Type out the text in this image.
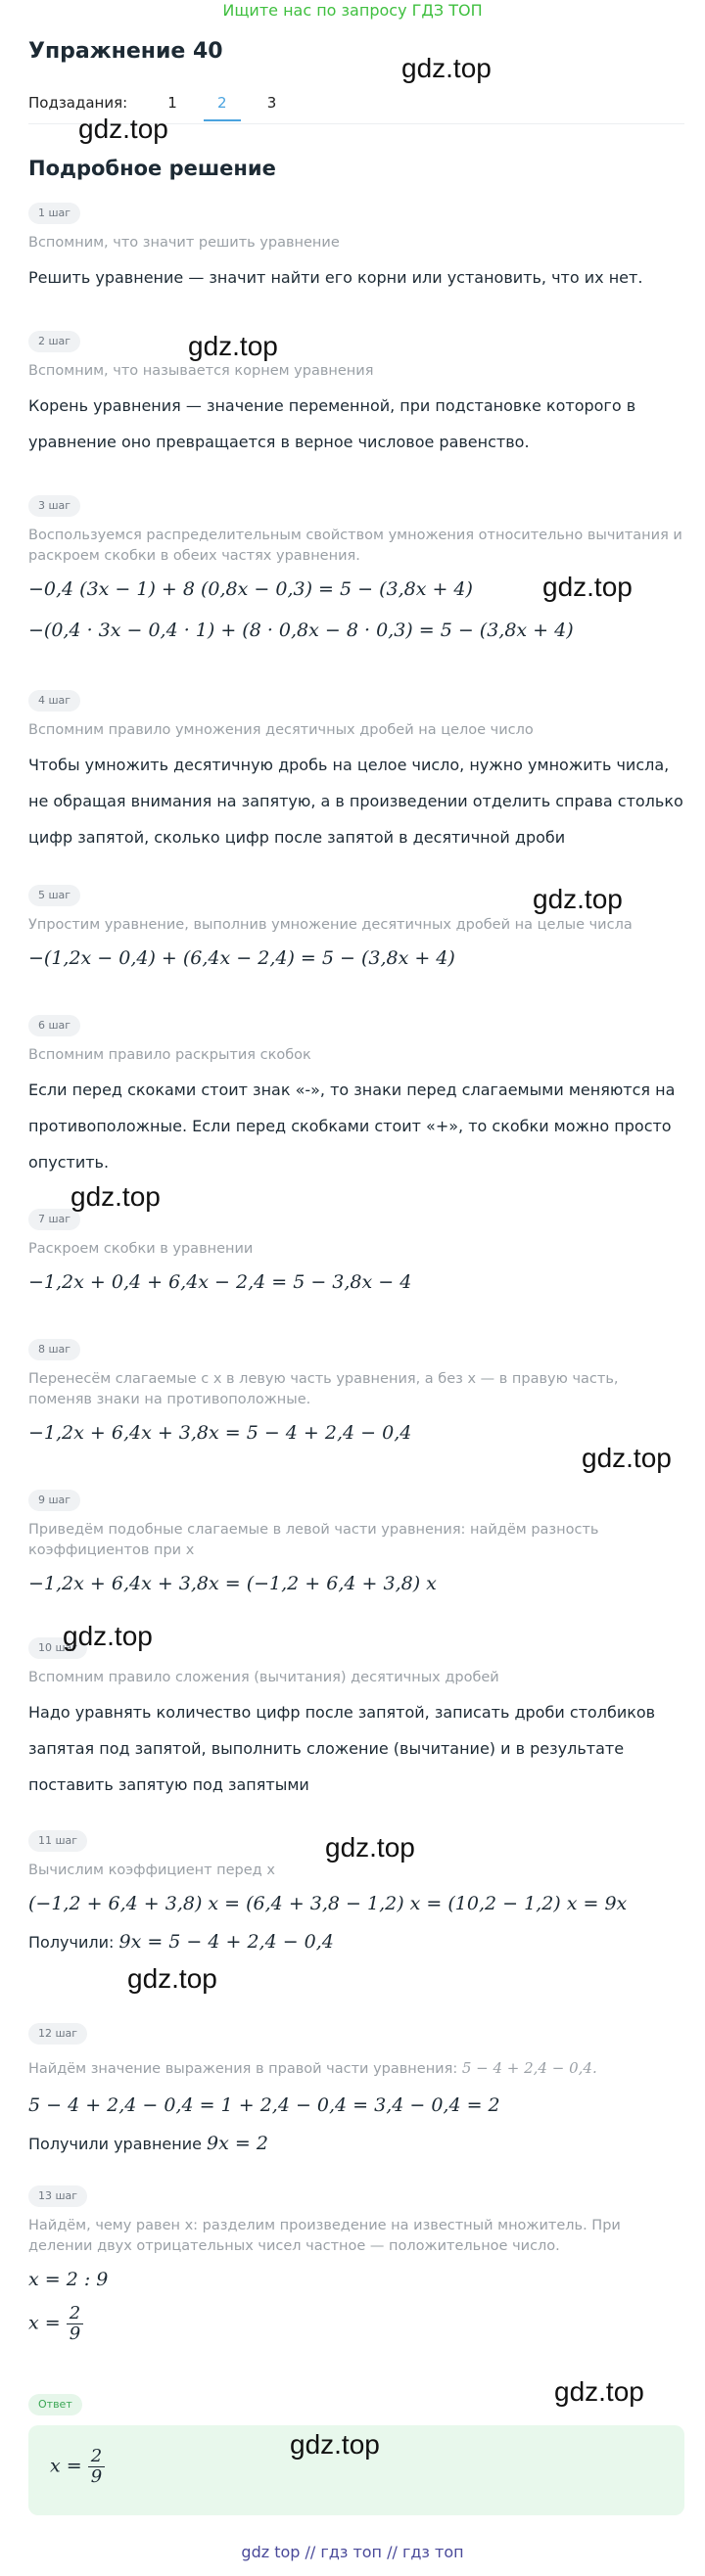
Ищите нас по запросу ГДЗ ТОП
Упражнение 40
Подзадания:	1	2	3
Подробное решение
1 шаг
Вспомним, что значит решить уравнение
Решить уравнение — значит найти его корни или установить, что их нет.
2 шаг
Вспомним, что называется корнем уравнения
Корень уравнения — значение переменной, при подстановке которого в уравнение оно превращается в верное числовое равенство.
3 шаг
Воспользуемся распределительным свойством умножения относительно вычитания и раскроем скобки в обеих частях уравнения.
−0,4 (3x − 1) + 8 (0,8x − 0,3) = 5 − (3,8x + 4)
−(0,4 · 3x − 0,4 · 1) + (8 · 0,8x − 8 · 0,3) = 5 − (3,8x + 4)
4 шаг
Вспомним правило умножения десятичных дробей на целое число
Чтобы умножить десятичную дробь на целое число, нужно умножить числа, не обращая внимания на запятую, а в произведении отделить справа столько цифр запятой, сколько цифр после запятой в десятичной дроби
5 шаг
Упростим уравнение, выполнив умножение десятичных дробей на целые числа
−(1,2x − 0,4) + (6,4x − 2,4) = 5 − (3,8x + 4)
6 шаг
Вспомним правило раскрытия скобок
Если перед скоками стоит знак «-», то знаки перед слагаемыми меняются на противоположные. Если перед скобками стоит «+», то скобки можно просто опустить.
7 шаг
Раскроем скобки в уравнении
−1,2x + 0,4 + 6,4x − 2,4 = 5 − 3,8x − 4
8 шаг
Перенесём слагаемые с x в левую часть уравнения, а без x — в правую часть, поменяв знаки на противоположные.
−1,2x + 6,4x + 3,8x = 5 − 4 + 2,4 − 0,4
9 шаг
Приведём подобные слагаемые в левой части уравнения: найдём разность коэффициентов при x
−1,2x + 6,4x + 3,8x = (−1,2 + 6,4 + 3,8) x
10 шаг
Вспомним правило сложения (вычитания) десятичных дробей
Надо уравнять количество цифр после запятой, записать дроби столбиков запятая под запятой, выполнить сложение (вычитание) и в результате поставить запятую под запятыми
11 шаг
Вычислим коэффициент перед x
(−1,2 + 6,4 + 3,8) x = (6,4 + 3,8 − 1,2) x = (10,2 − 1,2) x = 9x
Получили: 9x = 5 − 4 + 2,4 − 0,4
12 шаг
Найдём значение выражения в правой части уравнения: 5 − 4 + 2,4 − 0,4.
5 − 4 + 2,4 − 0,4 = 1 + 2,4 − 0,4 = 3,4 − 0,4 = 2
Получили уравнение 9x = 2
13 шаг
Найдём, чему равен x: разделим произведение на известный множитель. При делении двух отрицательных чисел частное — положительное число.
x = 2 : 9
$x = \frac{2}{9}$
Ответ
$x = \frac{2}{9}$
gdz.top
gdz.top
gdz.top
gdz.top
gdz.top
gdz.top
gdz.top
gdz.top
gdz.top
gdz.top
gdz.top
gdz.top
gdz top // гдз топ // гдз топ
